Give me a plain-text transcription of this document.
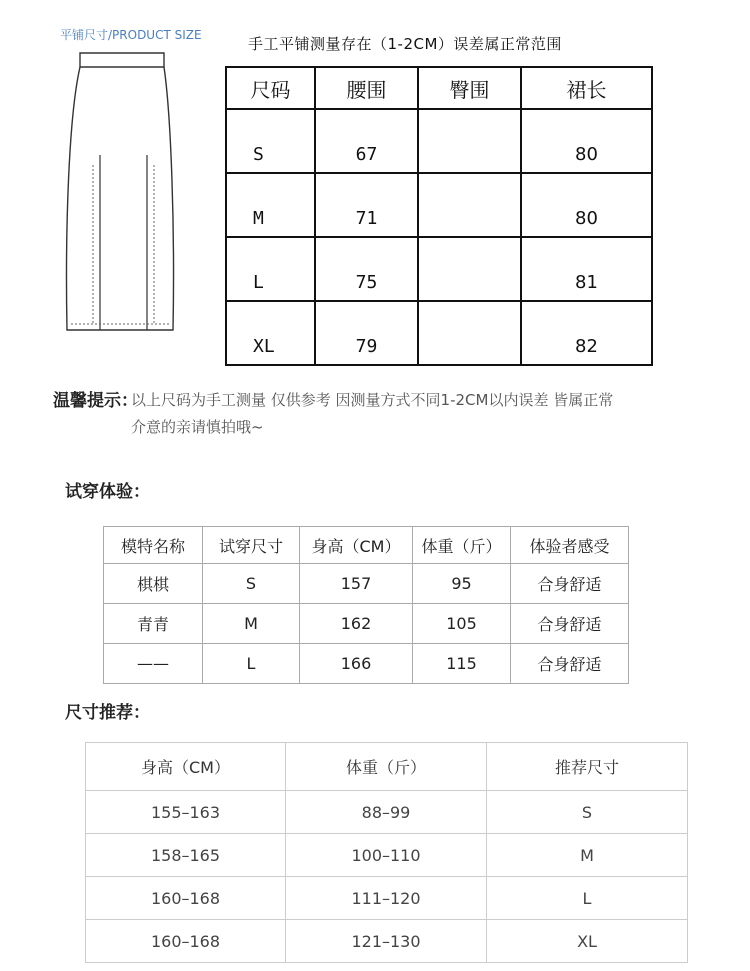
平铺尺寸/PRODUCT SIZE	手工平铺测量存在（1-2CM）误差属正常范围
尺码	腰围	臀围	裙长
S	67		80
M	71		80
L	75		81
XL	79		82
温馨提示：
以上尺码为手工测量 仅供参考 因测量方式不同1-2CM以内误差 皆属正常
介意的亲请慎拍哦~
试穿体验：
模特名称	试穿尺寸	身高（CM）	体重（斤）	体验者感受
棋棋	S	157	95	合身舒适
青青	M	162	105	合身舒适
——	L	166	115	合身舒适
尺寸推荐：
身高（CM）	体重（斤）	推荐尺寸
155–163	88–99	S
158–165	100–110	M
160–168	111–120	L
160–168	121–130	XL
